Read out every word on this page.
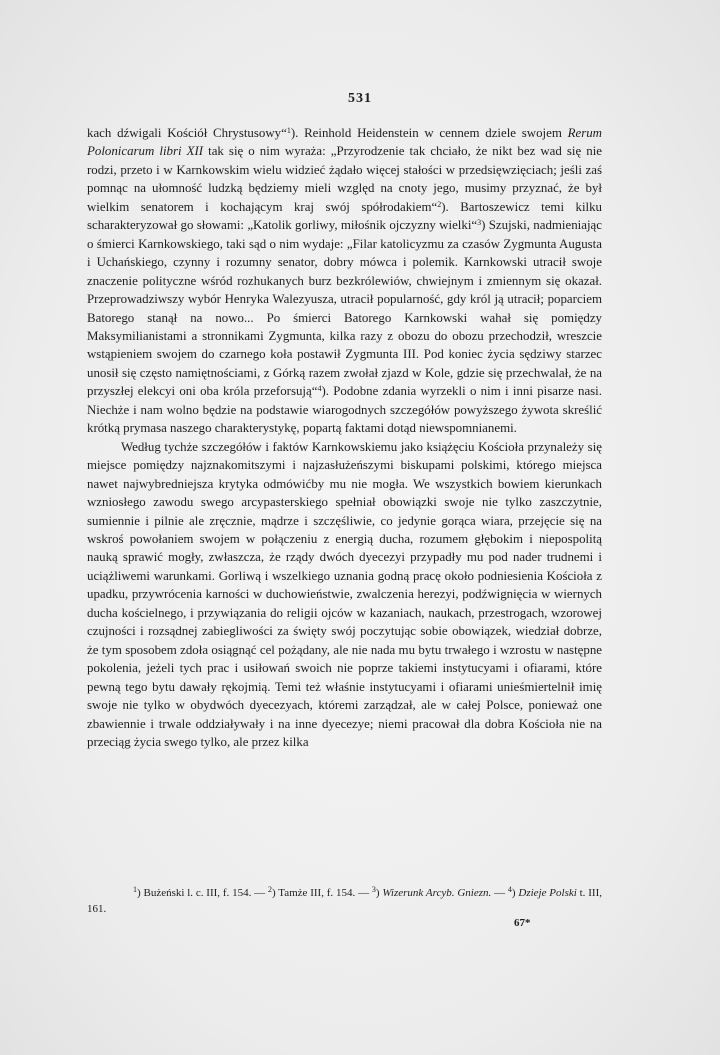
531

kach dźwigali Kościół Chrystusowy“$^1$). Reinhold Heidenstein w cennem dziele swojem Rerum Polonicarum libri XII tak się o nim wyraża: „Przyrodzenie tak chciało, że nikt bez wad się nie rodzi, przeto i w Karnkowskim wielu widzieć żądało więcej stałości w przedsięwzięciach; jeśli zaś pomnąc na ułomność ludzką będziemy mieli względ na cnoty jego, musimy przyznać, że był wielkim senatorem i kochającym kraj swój spółrodakiem“$^2$). Bartoszewicz temi kilku scharakteryzował go słowami: „Katolik gorliwy, miłośnik ojczyzny wielki“$^3$) Szujski, nadmieniając o śmierci Karnkowskiego, taki sąd o nim wydaje: „Filar katolicyzmu za czasów Zygmunta Augusta i Uchańskiego, czynny i rozumny senator, dobry mówca i polemik. Karnkowski utracił swoje znaczenie polityczne wśród rozhukanych burz bezkrólewiów, chwiejnym i zmiennym się okazał. Przeprowadziwszy wybór Henryka Walezyusza, utracił popularność, gdy król ją utracił; poparciem Batorego stanął na nowo... Po śmierci Batorego Karnkowski wahał się pomiędzy Maksymilianistami a stronnikami Zygmunta, kilka razy z obozu do obozu przechodził, wreszcie wstąpieniem swojem do czarnego koła postawił Zygmunta III. Pod koniec życia sędziwy starzec unosił się często namiętnościami, z Górką razem zwołał zjazd w Kole, gdzie się przechwalał, że na przyszłej elekcyi oni oba króla przeforsują“$^4$). Podobne zdania wyrzekli o nim i inni pisarze nasi. Niechże i nam wolno będzie na podstawie wiarogodnych szczegółów powyższego żywota skreślić krótką prymasa naszego charakterystykę, popartą faktami dotąd niewspomnianemi.

Według tychże szczegółów i faktów Karnkowskiemu jako książęciu Kościoła przynależy się miejsce pomiędzy najznakomitszymi i najzasłużeńszymi biskupami polskimi, którego miejsca nawet najwybredniejsza krytyka odmówićby mu nie mogła. We wszystkich bowiem kierunkach wzniosłego zawodu swego arcypasterskiego spełniał obowiązki swoje nie tylko zaszczytnie, sumiennie i pilnie ale zręcznie, mądrze i szczęśliwie, co jedynie gorąca wiara, przejęcie się na wskroś powołaniem swojem w połączeniu z energią ducha, rozumem głębokim i niepospolitą nauką sprawić mogły, zwłaszcza, że rządy dwóch dyecezyi przypadły mu pod nader trudnemi i uciążliwemi warunkami. Gorliwą i wszelkiego uznania godną pracę około podniesienia Kościoła z upadku, przywrócenia karności w duchowieństwie, zwalczenia herezyi, podźwignięcia w wiernych ducha kościelnego, i przywiązania do religii ojców w kazaniach, naukach, przestrogach, wzorowej czujności i rozsądnej zabiegliwości za święty swój poczytując sobie obowiązek, wiedział dobrze, że tym sposobem zdoła osiągnąć cel pożądany, ale nie nada mu bytu trwałego i wzrostu w następne pokolenia, jeżeli tych prac i usiłowań swoich nie poprze takiemi instytucyami i ofiarami, które pewną tego bytu dawały rękojmią. Temi też właśnie instytucyami i ofiarami unieśmiertelnił imię swoje nie tylko w obydwóch dyecezyach, któremi zarządzał, ale w całej Polsce, ponieważ one zbawiennie i trwale oddziaływały i na inne dyecezye; niemi pracował dla dobra Kościoła nie na przeciąg życia swego tylko, ale przez kilka

$^1$) Bużeński l. c. III, f. 154. — $^2$) Tamże III, f. 154. — $^3$) Wizerunk Arcyb. Gniezn. — $^4$) Dzieje Polski t. III, 161.

67*
